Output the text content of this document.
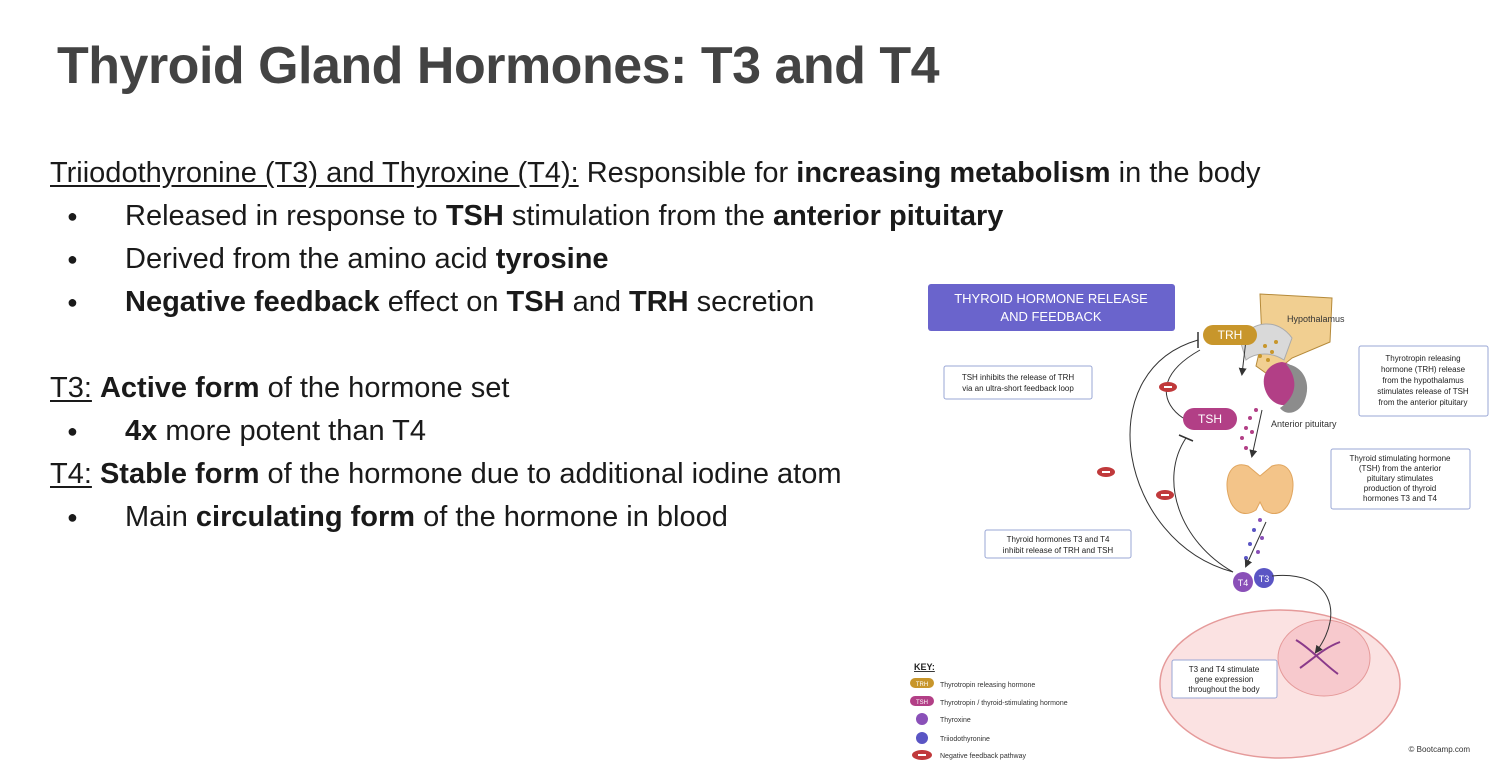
Thyroid Gland Hormones: T3 and T4
Triiodothyronine (T3) and Thyroxine (T4): Responsible for increasing metabolism in the body
● Released in response to TSH stimulation from the anterior pituitary
● Derived from the amino acid tyrosine
● Negative feedback effect on TSH and TRH secretion
T3: Active form of the hormone set
● 4x more potent than T4
T4: Stable form of the hormone due to additional iodine atom
● Main circulating form of the hormone in blood
THYROID HORMONE RELEASE
AND FEEDBACK	Hypothalamus
Anterior pituitary
TRH
TSH
T4 T3
TSH inhibits the release of TRH
via an ultra-short feedback loop
Thyrotropin releasing
hormone (TRH) release
from the hypothalamus
stimulates release of TSH
from the anterior pituitary
Thyroid stimulating hormone
(TSH) from the anterior
pituitary stimulates
production of thyroid
hormones T3 and T4
Thyroid hormones T3 and T4
inhibit release of TRH and TSH
T3 and T4 stimulate
gene expression
throughout the body
KEY:
TRH Thyrotropin releasing hormone
TSH Thyrotropin / thyroid-stimulating hormone
Thyroxine
Triiodothyronine
Negative feedback pathway
© Bootcamp.com
